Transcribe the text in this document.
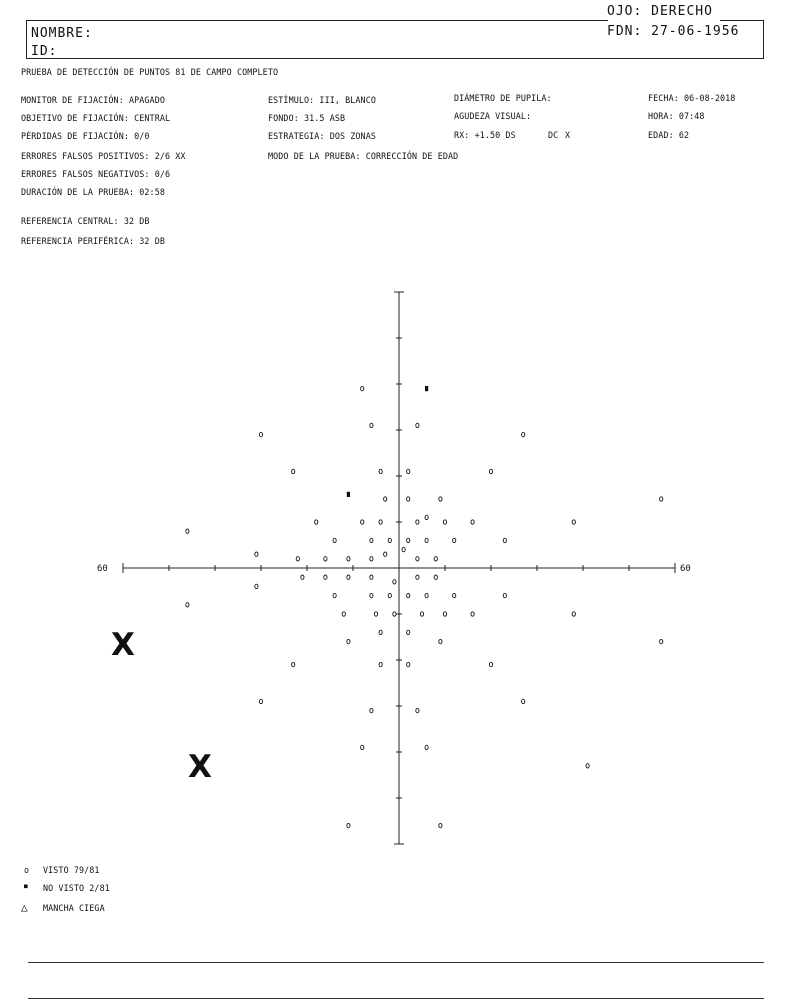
OJO: DERECHO
FDN: 27-06-1956
NOMBRE:
ID:
PRUEBA DE DETECCIÓN DE PUNTOS 81 DE CAMPO COMPLETO
MONITOR DE FIJACIÓN: APAGADO
OBJETIVO DE FIJACIÓN: CENTRAL
PÉRDIDAS DE FIJACIÓN: 0/0
ERRORES FALSOS POSITIVOS: 2/6 XX
ERRORES FALSOS NEGATIVOS: 0/6
DURACIÓN DE LA PRUEBA: 02:58
REFERENCIA CENTRAL: 32 DB
REFERENCIA PERIFÉRICA: 32 DB
ESTÍMULO: III, BLANCO
FONDO: 31.5 ASB
ESTRATEGIA: DOS ZONAS
MODO DE LA PRUEBA: CORRECCIÓN DE EDAD
DIÁMETRO DE PUPILA:
AGUDEZA VISUAL:
RX: +1.50 DS	DC X
FECHA: 06-08-2018
HORA: 07:48
EDAD: 62
60	60
X
X
o VISTO 79/81
■ NO VISTO 2/81
△ MANCHA CIEGA
